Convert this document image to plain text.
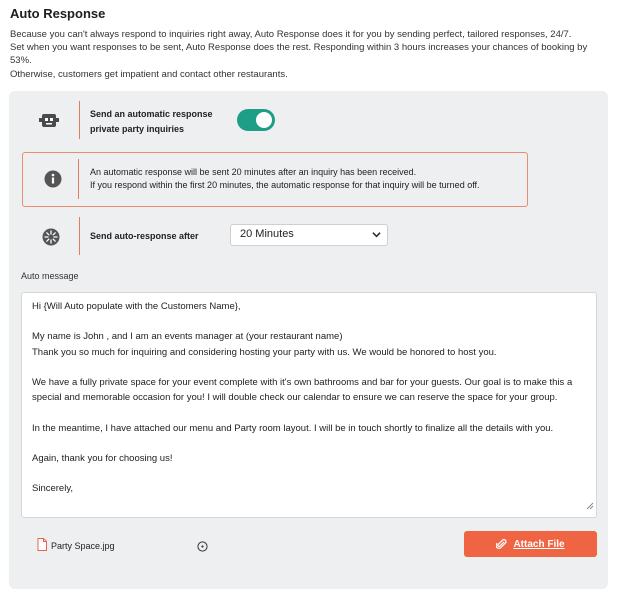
Auto Response
Because you can't always respond to inquiries right away, Auto Response does it for you by sending perfect, tailored responses, 24/7.
Set when you want responses to be sent, Auto Response does the rest. Responding within 3 hours increases your chances of booking by 53%.
Otherwise, customers get impatient and contact other restaurants.
Send an automatic response
private party inquiries
An automatic response will be sent 20 minutes after an inquiry has been received.
If you respond within the first 20 minutes, the automatic response for that inquiry will be turned off.
Send auto-response after	20 Minutes
Auto message

Hi {Will Auto populate with the Customers Name},

My name is John , and I am an events manager at (your restaurant name)

Thank you so much for inquiring and considering hosting your party with us. We would be honored to host you.

We have a fully private space for your event complete with it's own bathrooms and bar for your guests. Our goal is to make this a special and memorable occasion for you! I will double check our calendar to ensure we can reserve the space for your group.

In the meantime, I have attached our menu and Party room layout. I will be in touch shortly to finalize all the details with you.

Again, thank you for choosing us!

Sincerely,

Party Space.jpg	Attach File
